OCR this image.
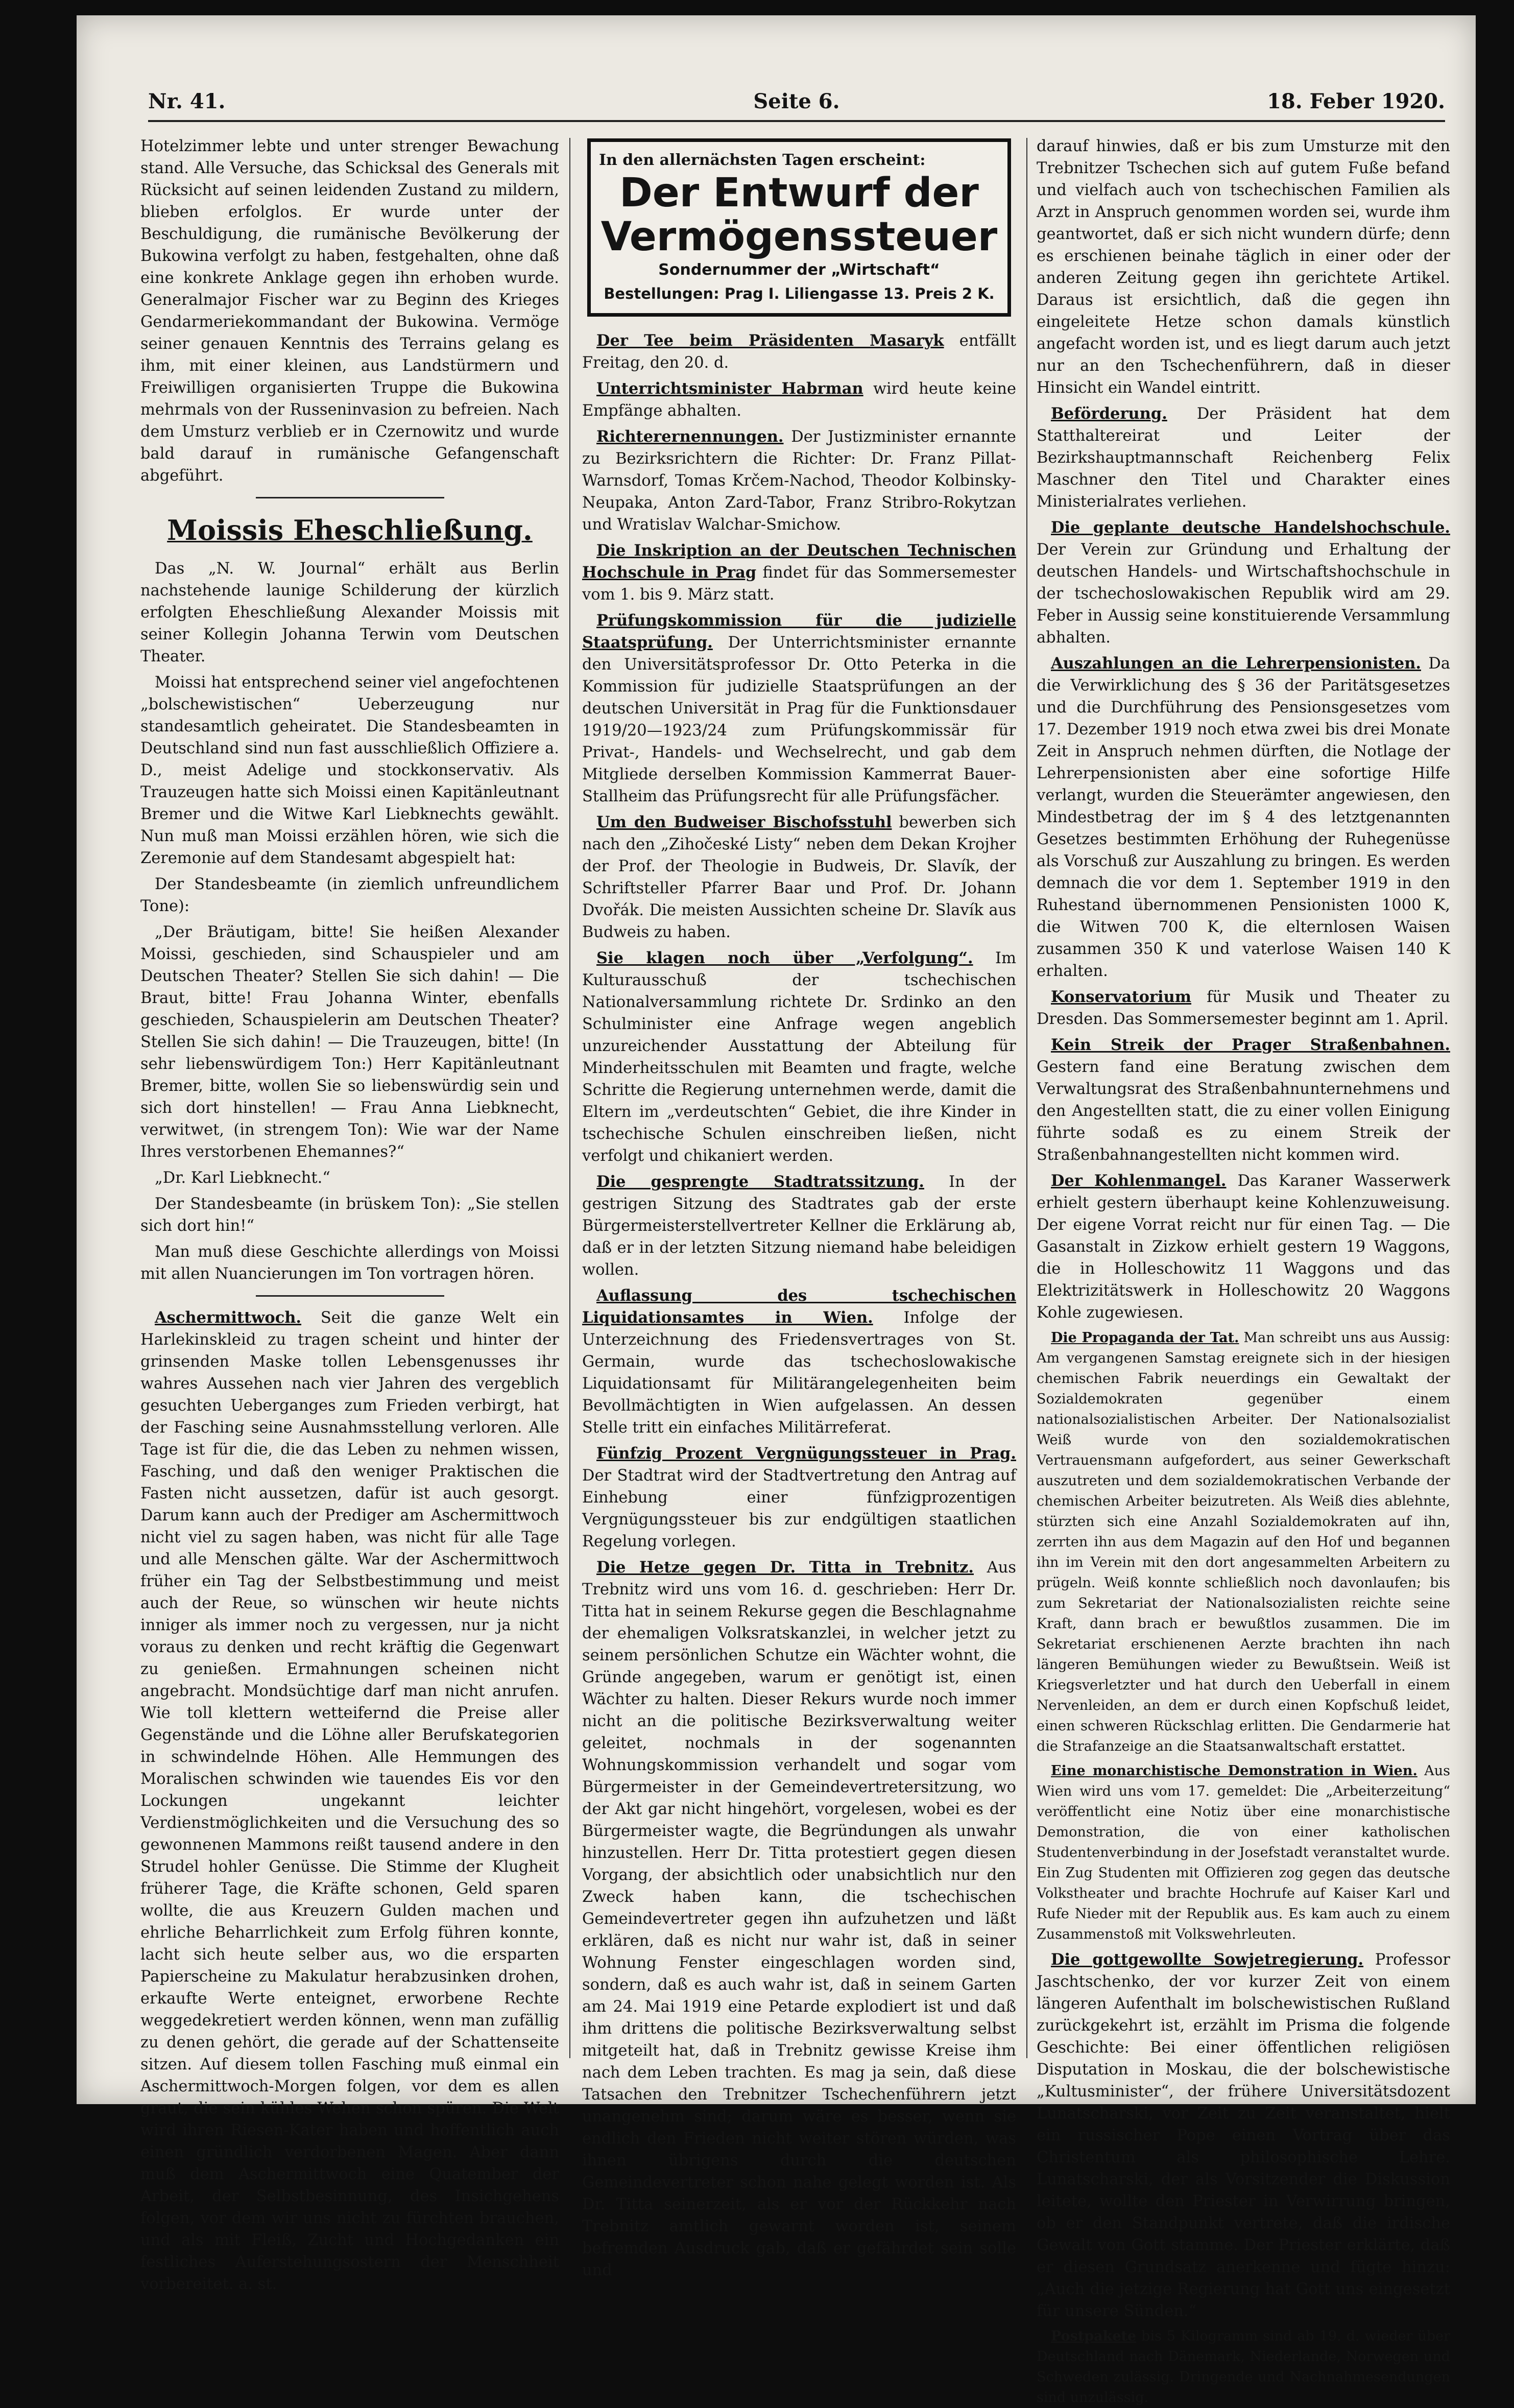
Nr. 41.	Seite 6.	18. Feber 1920.

Hotelzimmer lebte und unter strenger Bewachung stand. Alle Versuche, das Schicksal des Generals mit Rücksicht auf seinen leidenden Zustand zu mildern, blieben erfolglos. Er wurde unter der Beschuldigung, die rumänische Bevölkerung der Bukowina verfolgt zu haben, festgehalten, ohne daß eine konkrete Anklage gegen ihn erhoben wurde. Generalmajor Fischer war zu Beginn des Krieges Gendarmeriekommandant der Bukowina. Vermöge seiner genauen Kenntnis des Terrains gelang es ihm, mit einer kleinen, aus Landstürmern und Freiwilligen organisierten Truppe die Bukowina mehrmals von der Russeninvasion zu befreien. Nach dem Umsturz verblieb er in Czernowitz und wurde bald darauf in rumänische Gefangenschaft abgeführt.

Moissis Eheschließung.

Das „N. W. Journal“ erhält aus Berlin nachstehende launige Schilderung der kürzlich erfolgten Eheschließung Alexander Moissis mit seiner Kollegin Johanna Terwin vom Deutschen Theater.

Moissi hat entsprechend seiner viel angefochtenen „bolschewistischen“ Ueberzeugung nur standesamtlich geheiratet. Die Standesbeamten in Deutschland sind nun fast ausschließlich Offiziere a. D., meist Adelige und stockkonservativ. Als Trauzeugen hatte sich Moissi einen Kapitänleutnant Bremer und die Witwe Karl Liebknechts gewählt. Nun muß man Moissi erzählen hören, wie sich die Zeremonie auf dem Standesamt abgespielt hat:

Der Standesbeamte (in ziemlich unfreundlichem Tone):

„Der Bräutigam, bitte! Sie heißen Alexander Moissi, geschieden, sind Schauspieler und am Deutschen Theater? Stellen Sie sich dahin! — Die Braut, bitte! Frau Johanna Winter, ebenfalls geschieden, Schauspielerin am Deutschen Theater? Stellen Sie sich dahin! — Die Trauzeugen, bitte! (In sehr liebenswürdigem Ton:) Herr Kapitänleutnant Bremer, bitte, wollen Sie so liebenswürdig sein und sich dort hinstellen! — Frau Anna Liebknecht, verwitwet, (in strengem Ton): Wie war der Name Ihres verstorbenen Ehemannes?“

„Dr. Karl Liebknecht.“

Der Standesbeamte (in brüskem Ton): „Sie stellen sich dort hin!“

Man muß diese Geschichte allerdings von Moissi mit allen Nuancierungen im Ton vortragen hören.

Aschermittwoch. Seit die ganze Welt ein Harlekinskleid zu tragen scheint und hinter der grinsenden Maske tollen Lebensgenusses ihr wahres Aussehen nach vier Jahren des vergeblich gesuchten Ueberganges zum Frieden verbirgt, hat der Fasching seine Ausnahmsstellung verloren. Alle Tage ist für die, die das Leben zu nehmen wissen, Fasching, und daß den weniger Praktischen die Fasten nicht aussetzen, dafür ist auch gesorgt. Darum kann auch der Prediger am Aschermittwoch nicht viel zu sagen haben, was nicht für alle Tage und alle Menschen gälte. War der Aschermittwoch früher ein Tag der Selbstbestimmung und meist auch der Reue, so wünschen wir heute nichts inniger als immer noch zu vergessen, nur ja nicht voraus zu denken und recht kräftig die Gegenwart zu genießen. Ermahnungen scheinen nicht angebracht. Mondsüchtige darf man nicht anrufen. Wie toll klettern wetteifernd die Preise aller Gegenstände und die Löhne aller Berufskategorien in schwindelnde Höhen. Alle Hemmungen des Moralischen schwinden wie tauendes Eis vor den Lockungen ungekannt leichter Verdienstmöglichkeiten und die Versuchung des so gewonnenen Mammons reißt tausend andere in den Strudel hohler Genüsse. Die Stimme der Klugheit früherer Tage, die Kräfte schonen, Geld sparen wollte, die aus Kreuzern Gulden machen und ehrliche Beharrlichkeit zum Erfolg führen konnte, lacht sich heute selber aus, wo die ersparten Papierscheine zu Makulatur herabzusinken drohen, erkaufte Werte enteignet, erworbene Rechte weggedekretiert werden können, wenn man zufällig zu denen gehört, die gerade auf der Schattenseite sitzen. Auf diesem tollen Fasching muß einmal ein Aschermittwoch-Morgen folgen, vor dem es allen graut, die sein kühles Wehen schon spüren. Die Welt wird ihren Riesen-Kater haben und hoffentlich auch einen gründlich verdorbenen Magen. Aber dann muß dem Aschermittwoch eine Quatember der Arbeit, der Selbstbesinnung, des Insichgehens folgen, vor dem wir uns nicht zu fürchten brauchen, und als mit Fleiß, Zucht und Hochgedanken ein festliches Auferstehungsostern der Menschheit vorbereitet. a. st.

In den allernächsten Tagen erscheint:
Der Entwurf der
Vermögenssteuer
Sondernummer der „Wirtschaft“
Bestellungen: Prag I. Liliengasse 13. Preis 2 K.

Der Tee beim Präsidenten Masaryk entfällt Freitag, den 20. d.

Unterrichtsminister Habrman wird heute keine Empfänge abhalten.

Richterernennungen. Der Justizminister ernannte zu Bezirksrichtern die Richter: Dr. Franz Pillat-Warnsdorf, Tomas Krčem-Nachod, Theodor Kolbinsky-Neupaka, Anton Zard-Tabor, Franz Stribro-Rokytzan und Wratislav Walchar-Smichow.

Die Inskription an der Deutschen Technischen Hochschule in Prag findet für das Sommersemester vom 1. bis 9. März statt.

Prüfungskommission für die judizielle Staatsprüfung. Der Unterrichtsminister ernannte den Universitätsprofessor Dr. Otto Peterka in die Kommission für judizielle Staatsprüfungen an der deutschen Universität in Prag für die Funktionsdauer 1919/20—1923/24 zum Prüfungskommissär für Privat-, Handels- und Wechselrecht, und gab dem Mitgliede derselben Kommission Kammerrat Bauer-Stallheim das Prüfungsrecht für alle Prüfungsfächer.

Um den Budweiser Bischofsstuhl bewerben sich nach den „Zihočeské Listy“ neben dem Dekan Krojher der Prof. der Theologie in Budweis, Dr. Slavík, der Schriftsteller Pfarrer Baar und Prof. Dr. Johann Dvořák. Die meisten Aussichten scheine Dr. Slavík aus Budweis zu haben.

Sie klagen noch über „Verfolgung“. Im Kulturausschuß der tschechischen Nationalversammlung richtete Dr. Srdinko an den Schulminister eine Anfrage wegen angeblich unzureichender Ausstattung der Abteilung für Minderheitsschulen mit Beamten und fragte, welche Schritte die Regierung unternehmen werde, damit die Eltern im „verdeutschten“ Gebiet, die ihre Kinder in tschechische Schulen einschreiben ließen, nicht verfolgt und chikaniert werden.

Die gesprengte Stadtratssitzung. In der gestrigen Sitzung des Stadtrates gab der erste Bürgermeisterstellvertreter Kellner die Erklärung ab, daß er in der letzten Sitzung niemand habe beleidigen wollen.

Auflassung des tschechischen Liquidationsamtes in Wien. Infolge der Unterzeichnung des Friedensvertrages von St. Germain, wurde das tschechoslowakische Liquidationsamt für Militärangelegenheiten beim Bevollmächtigten in Wien aufgelassen. An dessen Stelle tritt ein einfaches Militärreferat.

Fünfzig Prozent Vergnügungssteuer in Prag. Der Stadtrat wird der Stadtvertretung den Antrag auf Einhebung einer fünfzigprozentigen Vergnügungssteuer bis zur endgültigen staatlichen Regelung vorlegen.

Die Hetze gegen Dr. Titta in Trebnitz. Aus Trebnitz wird uns vom 16. d. geschrieben: Herr Dr. Titta hat in seinem Rekurse gegen die Beschlagnahme der ehemaligen Volksratskanzlei, in welcher jetzt zu seinem persönlichen Schutze ein Wächter wohnt, die Gründe angegeben, warum er genötigt ist, einen Wächter zu halten. Dieser Rekurs wurde noch immer nicht an die politische Bezirksverwaltung weiter geleitet, nochmals in der sogenannten Wohnungskommission verhandelt und sogar vom Bürgermeister in der Gemeindevertretersitzung, wo der Akt gar nicht hingehört, vorgelesen, wobei es der Bürgermeister wagte, die Begründungen als unwahr hinzustellen. Herr Dr. Titta protestiert gegen diesen Vorgang, der absichtlich oder unabsichtlich nur den Zweck haben kann, die tschechischen Gemeindevertreter gegen ihn aufzuhetzen und läßt erklären, daß es nicht nur wahr ist, daß in seiner Wohnung Fenster eingeschlagen worden sind, sondern, daß es auch wahr ist, daß in seinem Garten am 24. Mai 1919 eine Petarde explodiert ist und daß ihm drittens die politische Bezirksverwaltung selbst mitgeteilt hat, daß in Trebnitz gewisse Kreise ihm nach dem Leben trachten. Es mag ja sein, daß diese Tatsachen den Trebnitzer Tschechenführern jetzt unangenehm sind; darum wäre es besser, wenn sie endlich den Frieden nicht weiter stören würden, was ihnen übrigens durch die deutschen Gemeindevertreter schon nahe gelegt worden ist. Als Dr. Titta seinerzeit, als er vor der Rückkehr nach Trebnitz amtlich gewarnt worden ist, seinem befremden Ausdruck gab, daß er gefährdet sein solle und

darauf hinwies, daß er bis zum Umsturze mit den Trebnitzer Tschechen sich auf gutem Fuße befand und vielfach auch von tschechischen Familien als Arzt in Anspruch genommen worden sei, wurde ihm geantwortet, daß er sich nicht wundern dürfe; denn es erschienen beinahe täglich in einer oder der anderen Zeitung gegen ihn gerichtete Artikel. Daraus ist ersichtlich, daß die gegen ihn eingeleitete Hetze schon damals künstlich angefacht worden ist, und es liegt darum auch jetzt nur an den Tschechenführern, daß in dieser Hinsicht ein Wandel eintritt.

Beförderung. Der Präsident hat dem Statthaltereirat und Leiter der Bezirkshauptmannschaft Reichenberg Felix Maschner den Titel und Charakter eines Ministerialrates verliehen.

Die geplante deutsche Handelshochschule. Der Verein zur Gründung und Erhaltung der deutschen Handels- und Wirtschaftshochschule in der tschechoslowakischen Republik wird am 29. Feber in Aussig seine konstituierende Versammlung abhalten.

Auszahlungen an die Lehrerpensionisten. Da die Verwirklichung des § 36 der Paritätsgesetzes und die Durchführung des Pensionsgesetzes vom 17. Dezember 1919 noch etwa zwei bis drei Monate Zeit in Anspruch nehmen dürften, die Notlage der Lehrerpensionisten aber eine sofortige Hilfe verlangt, wurden die Steuerämter angewiesen, den Mindestbetrag der im § 4 des letztgenannten Gesetzes bestimmten Erhöhung der Ruhegenüsse als Vorschuß zur Auszahlung zu bringen. Es werden demnach die vor dem 1. September 1919 in den Ruhestand übernommenen Pensionisten 1000 K, die Witwen 700 K, die elternlosen Waisen zusammen 350 K und vaterlose Waisen 140 K erhalten.

Konservatorium für Musik und Theater zu Dresden. Das Sommersemester beginnt am 1. April.

Kein Streik der Prager Straßenbahnen. Gestern fand eine Beratung zwischen dem Verwaltungsrat des Straßenbahnunternehmens und den Angestellten statt, die zu einer vollen Einigung führte sodaß es zu einem Streik der Straßenbahnangestellten nicht kommen wird.

Der Kohlenmangel. Das Karaner Wasserwerk erhielt gestern überhaupt keine Kohlenzuweisung. Der eigene Vorrat reicht nur für einen Tag. — Die Gasanstalt in Zizkow erhielt gestern 19 Waggons, die in Holleschowitz 11 Waggons und das Elektrizitätswerk in Holleschowitz 20 Waggons Kohle zugewiesen.

Die Propaganda der Tat. Man schreibt uns aus Aussig: Am vergangenen Samstag ereignete sich in der hiesigen chemischen Fabrik neuerdings ein Gewaltakt der Sozialdemokraten gegenüber einem nationalsozialistischen Arbeiter. Der Nationalsozialist Weiß wurde von den sozialdemokratischen Vertrauensmann aufgefordert, aus seiner Gewerkschaft auszutreten und dem sozialdemokratischen Verbande der chemischen Arbeiter beizutreten. Als Weiß dies ablehnte, stürzten sich eine Anzahl Sozialdemokraten auf ihn, zerrten ihn aus dem Magazin auf den Hof und begannen ihn im Verein mit den dort angesammelten Arbeitern zu prügeln. Weiß konnte schließlich noch davonlaufen; bis zum Sekretariat der Nationalsozialisten reichte seine Kraft, dann brach er bewußtlos zusammen. Die im Sekretariat erschienenen Aerzte brachten ihn nach längeren Bemühungen wieder zu Bewußtsein. Weiß ist Kriegsverletzter und hat durch den Ueberfall in einem Nervenleiden, an dem er durch einen Kopfschuß leidet, einen schweren Rückschlag erlitten. Die Gendarmerie hat die Strafanzeige an die Staatsanwaltschaft erstattet.

Eine monarchistische Demonstration in Wien. Aus Wien wird uns vom 17. gemeldet: Die „Arbeiterzeitung“ veröffentlicht eine Notiz über eine monarchistische Demonstration, die von einer katholischen Studentenverbindung in der Josefstadt veranstaltet wurde. Ein Zug Studenten mit Offizieren zog gegen das deutsche Volkstheater und brachte Hochrufe auf Kaiser Karl und Rufe Nieder mit der Republik aus. Es kam auch zu einem Zusammenstoß mit Volkswehrleuten.

Die gottgewollte Sowjetregierung. Professor Jaschtschenko, der vor kurzer Zeit von einem längeren Aufenthalt im bolschewistischen Rußland zurückgekehrt ist, erzählt im Prisma die folgende Geschichte: Bei einer öffentlichen religiösen Disputation in Moskau, die der bolschewistische „Kultusminister“, der frühere Universitätsdozent Lunatscharski, vor Zeit zu Zeit veranstaltet, hielt ein russischer Pope einen Vortrag über das Christentum als philosophische Lehre. Lunatscharski, der als Vorsitzender die Diskussion leitete, wollte den Priester in Verwirrung bringen, ob er den Standpunkt vertrete, daß die irdische Gewalt von Gott stamme. Der Priester erklärte, daß er diesen Grundsatz anerkenne und fügte hinzu: „Auch die jetzige Regierung hat Gott uns eingesetzt für unsere Sünden.“

Postpakete bis 5 Kilogramm sind ab 19. d. wieder über Deutschland nach Dänemark, Niederlande, Norwegen und Schweden zulässig. Dringende und Nachnahmesendungen sind unzulässig.
